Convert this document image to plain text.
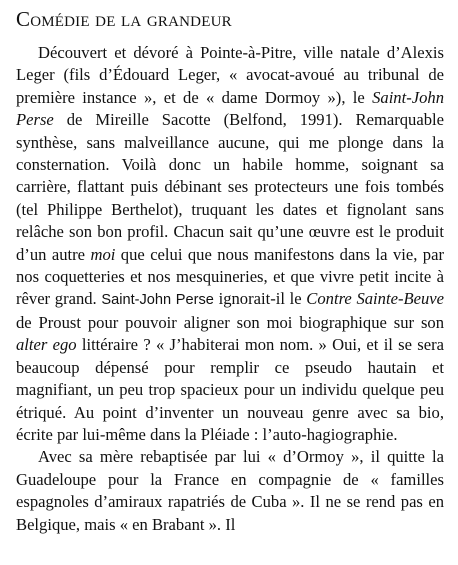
Comédie de la grandeur

Découvert et dévoré à Pointe-à-Pitre, ville natale d’Alexis Leger (fils d’Édouard Leger, « avocat-avoué au tribunal de première instance », et de « dame Dormoy »), le Saint-John Perse de Mireille Sacotte (Belfond, 1991). Remarquable synthèse, sans malveillance aucune, qui me plonge dans la consternation. Voilà donc un habile homme, soignant sa carrière, flattant puis débinant ses protecteurs une fois tombés (tel Philippe Berthelot), truquant les dates et fignolant sans relâche son bon profil. Chacun sait qu’une œuvre est le produit d’un autre moi que celui que nous manifestons dans la vie, par nos coquetteries et nos mesquineries, et que vivre petit incite à rêver grand. Saint-John Perse ignorait-il le Contre Sainte-Beuve de Proust pour pouvoir aligner son moi biographique sur son alter ego littéraire ? « J’habiterai mon nom. » Oui, et il se sera beaucoup dépensé pour remplir ce pseudo hautain et magnifiant, un peu trop spacieux pour un individu quelque peu étriqué. Au point d’inventer un nouveau genre avec sa bio, écrite par lui-même dans la Pléiade : l’auto-hagiographie.

Avec sa mère rebaptisée par lui « d’Ormoy », il quitte la Guadeloupe pour la France en compagnie de « familles espagnoles d’amiraux rapatriés de Cuba ». Il ne se rend pas en Belgique, mais « en Brabant ». Il
